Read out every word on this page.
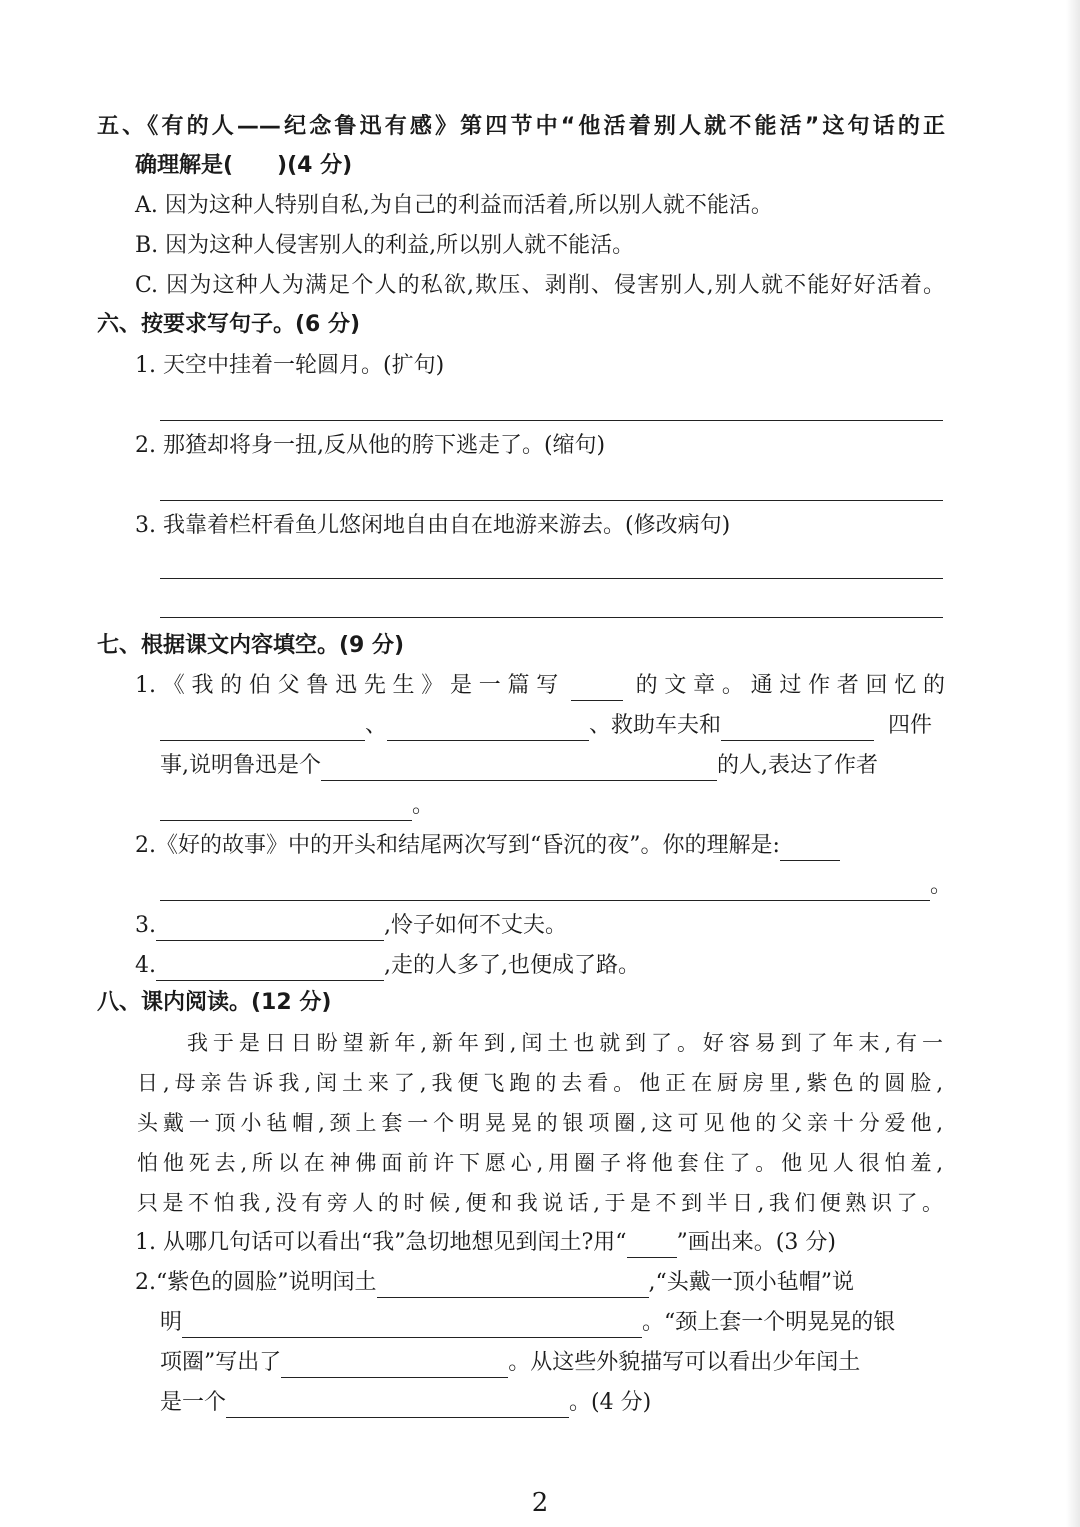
五、《有的人——纪念鲁迅有感》第四节中“他活着别人就不能活”这句话的正
确理解是(　　)(4 分)
A. 因为这种人特别自私,为自己的利益而活着,所以别人就不能活。
B. 因为这种人侵害别人的利益,所以别人就不能活。
C. 因为这种人为满足个人的私欲,欺压、剥削、侵害别人,别人就不能好好活着。
六、按要求写句子。(6 分)
1. 天空中挂着一轮圆月。(扩句)
2. 那猹却将身一扭,反从他的胯下逃走了。(缩句)
3. 我靠着栏杆看鱼儿悠闲地自由自在地游来游去。(修改病句)
七、根据课文内容填空。(9 分)
1.《我的伯父鲁迅先生》是一篇写	的文章。通过作者回忆的
、	、救助车夫和	四件
事,说明鲁迅是个	的人,表达了作者
。
2.《好的故事》中的开头和结尾两次写到“昏沉的夜”。你的理解是:
。
3.	,怜子如何不丈夫。
4.	,走的人多了,也便成了路。
八、课内阅读。(12 分)
我于是日日盼望新年,新年到,闰土也就到了。好容易到了年末,有一
日,母亲告诉我,闰土来了,我便飞跑的去看。他正在厨房里,紫色的圆脸,
头戴一顶小毡帽,颈上套一个明晃晃的银项圈,这可见他的父亲十分爱他,
怕他死去,所以在神佛面前许下愿心,用圈子将他套住了。他见人很怕羞,
只是不怕我,没有旁人的时候,便和我说话,于是不到半日,我们便熟识了。
1. 从哪几句话可以看出“我”急切地想见到闰土?用“ ”画出来。(3 分)
2.“紫色的圆脸”说明闰土	,“头戴一顶小毡帽”说
明	。“颈上套一个明晃晃的银
项圈”写出了	。从这些外貌描写可以看出少年闰土
是一个	。(4 分)
2
